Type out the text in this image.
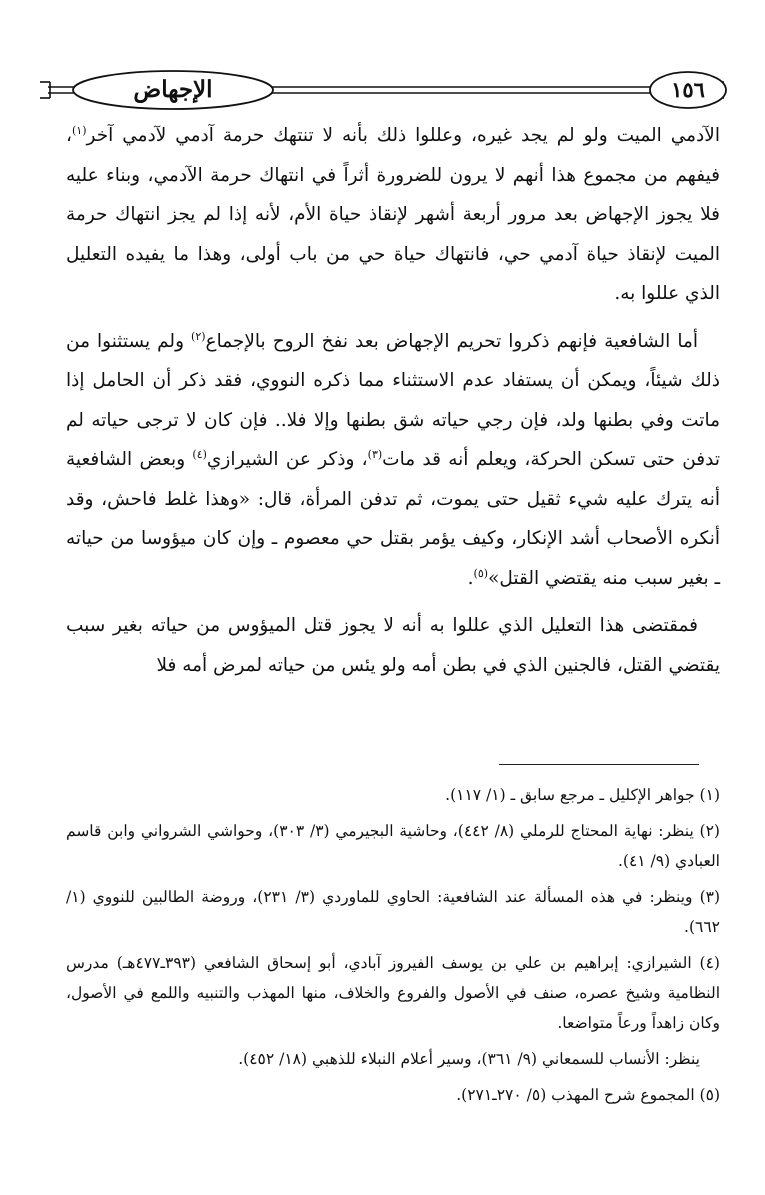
الإجهاض	١٥٦

الآدمي الميت ولو لم يجد غيره، وعللوا ذلك بأنه لا تنتهك حرمة آدمي لآدمي آخر$^{(١)}$، فيفهم من مجموع هذا أنهم لا يرون للضرورة أثراً في انتهاك حرمة الآدمي، وبناء عليه فلا يجوز الإجهاض بعد مرور أربعة أشهر لإنقاذ حياة الأم، لأنه إذا لم يجز انتهاك حرمة الميت لإنقاذ حياة آدمي حي، فانتهاك حياة حي من باب أولى، وهذا ما يفيده التعليل الذي عللوا به.

أما الشافعية فإنهم ذكروا تحريم الإجهاض بعد نفخ الروح بالإجماع$^{(٢)}$ ولم يستثنوا من ذلك شيئاً، ويمكن أن يستفاد عدم الاستثناء مما ذكره النووي، فقد ذكر أن الحامل إذا ماتت وفي بطنها ولد، فإن رجي حياته شق بطنها وإلا فلا.. فإن كان لا ترجى حياته لم تدفن حتى تسكن الحركة، ويعلم أنه قد مات$^{(٣)}$، وذكر عن الشيرازي$^{(٤)}$ وبعض الشافعية أنه يترك عليه شيء ثقيل حتى يموت، ثم تدفن المرأة، قال: «وهذا غلط فاحش، وقد أنكره الأصحاب أشد الإنكار، وكيف يؤمر بقتل حي معصوم ـ وإن كان ميؤوسا من حياته ـ بغير سبب منه يقتضي القتل»$^{(٥)}$.

فمقتضى هذا التعليل الذي عللوا به أنه لا يجوز قتل الميؤوس من حياته بغير سبب يقتضي القتل، فالجنين الذي في بطن أمه ولو يئس من حياته لمرض أمه فلا

(١) جواهر الإكليل ـ مرجع سابق ـ (١/ ١١٧).

(٢) ينظر: نهاية المحتاج للرملي (٨/ ٤٤٢)، وحاشية البجيرمي (٣/ ٣٠٣)، وحواشي الشرواني وابن قاسم العبادي (٩/ ٤١).

(٣) وينظر: في هذه المسألة عند الشافعية: الحاوي للماوردي (٣/ ٢٣١)، وروضة الطالبين للنووي (١/ ٦٦٢).

(٤) الشيرازي: إبراهيم بن علي بن يوسف الفيروز آبادي، أبو إسحاق الشافعي (٣٩٣ـ٤٧٧هـ) مدرس النظامية وشيخ عصره، صنف في الأصول والفروع والخلاف، منها المهذب والتنبيه واللمع في الأصول، وكان زاهداً ورعاً متواضعا.

ينظر: الأنساب للسمعاني (٩/ ٣٦١)، وسير أعلام النبلاء للذهبي (١٨/ ٤٥٢).

(٥) المجموع شرح المهذب (٥/ ٢٧٠ـ٢٧١).
